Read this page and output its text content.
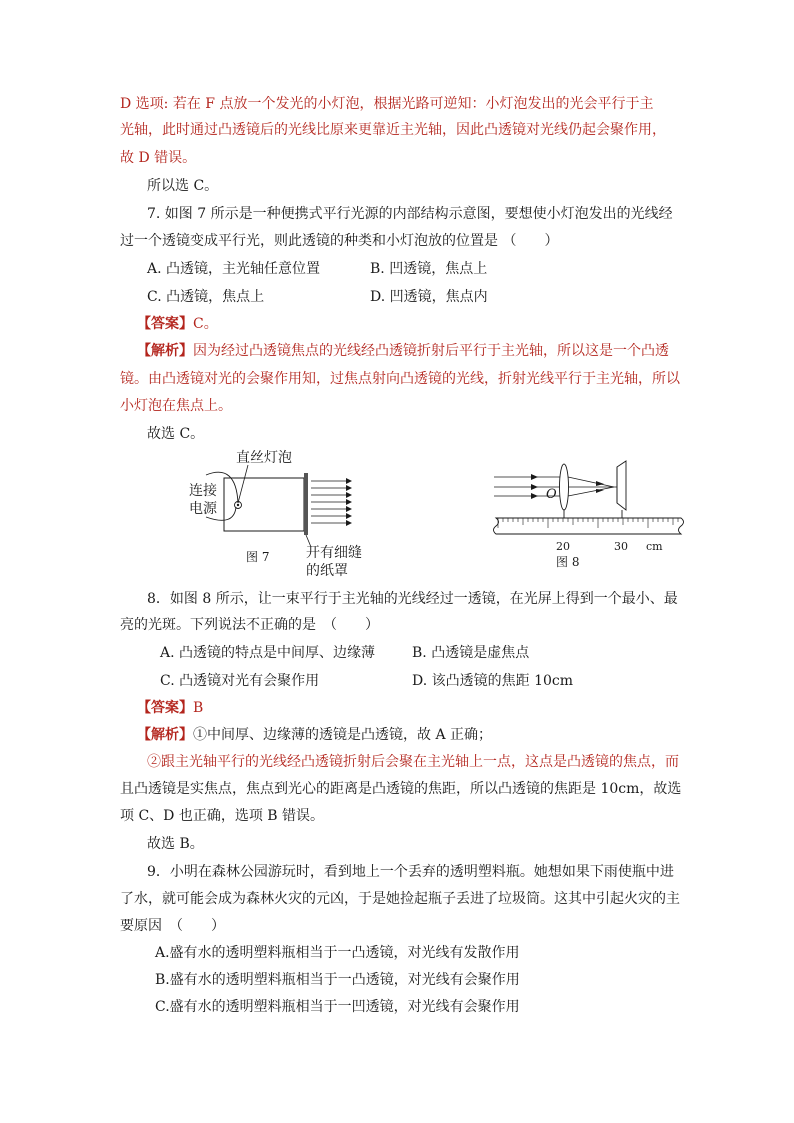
D 选项: 若在 F 点放一个发光的小灯泡，根据光路可逆知：小灯泡发出的光会平行于主
光轴，此时通过凸透镜后的光线比原来更靠近主光轴，因此凸透镜对光线仍起会聚作用，
故 D 错误。
所以选 C。
7. 如图 7 所示是一种便携式平行光源的内部结构示意图，要想使小灯泡发出的光线经
过一个透镜变成平行光，则此透镜的种类和小灯泡放的位置是 （　　）
A. 凸透镜，主光轴任意位置	B. 凹透镜，焦点上
C. 凸透镜，焦点上	D. 凹透镜，焦点内
【答案】C。
【解析】因为经过凸透镜焦点的光线经凸透镜折射后平行于主光轴，所以这是一个凸透
镜。由凸透镜对光的会聚作用知，过焦点射向凸透镜的光线，折射光线平行于主光轴，所以
小灯泡在焦点上。
故选 C。
直丝灯泡
连接
电源
图 7	开有细缝
的纸罩
O
20	30 cm
图 8
8．如图 8 所示，让一束平行于主光轴的光线经过一透镜，在光屏上得到一个最小、最
亮的光斑。下列说法不正确的是　（　　）
A. 凸透镜的特点是中间厚、边缘薄	B. 凸透镜是虚焦点
C. 凸透镜对光有会聚作用	D. 该凸透镜的焦距 10cm
【答案】B
【解析】①中间厚、边缘薄的透镜是凸透镜，故 A 正确；
②跟主光轴平行的光线经凸透镜折射后会聚在主光轴上一点，这点是凸透镜的焦点，而
且凸透镜是实焦点，焦点到光心的距离是凸透镜的焦距，所以凸透镜的焦距是 10cm，故选
项 C、D 也正确，选项 B 错误。
故选 B。
9．小明在森林公园游玩时，看到地上一个丢弃的透明塑料瓶。她想如果下雨使瓶中进
了水，就可能会成为森林火灾的元凶，于是她捡起瓶子丢进了垃圾筒。这其中引起火灾的主
要原因　（　　）
A.盛有水的透明塑料瓶相当于一凸透镜，对光线有发散作用
B.盛有水的透明塑料瓶相当于一凸透镜，对光线有会聚作用
C.盛有水的透明塑料瓶相当于一凹透镜，对光线有会聚作用
